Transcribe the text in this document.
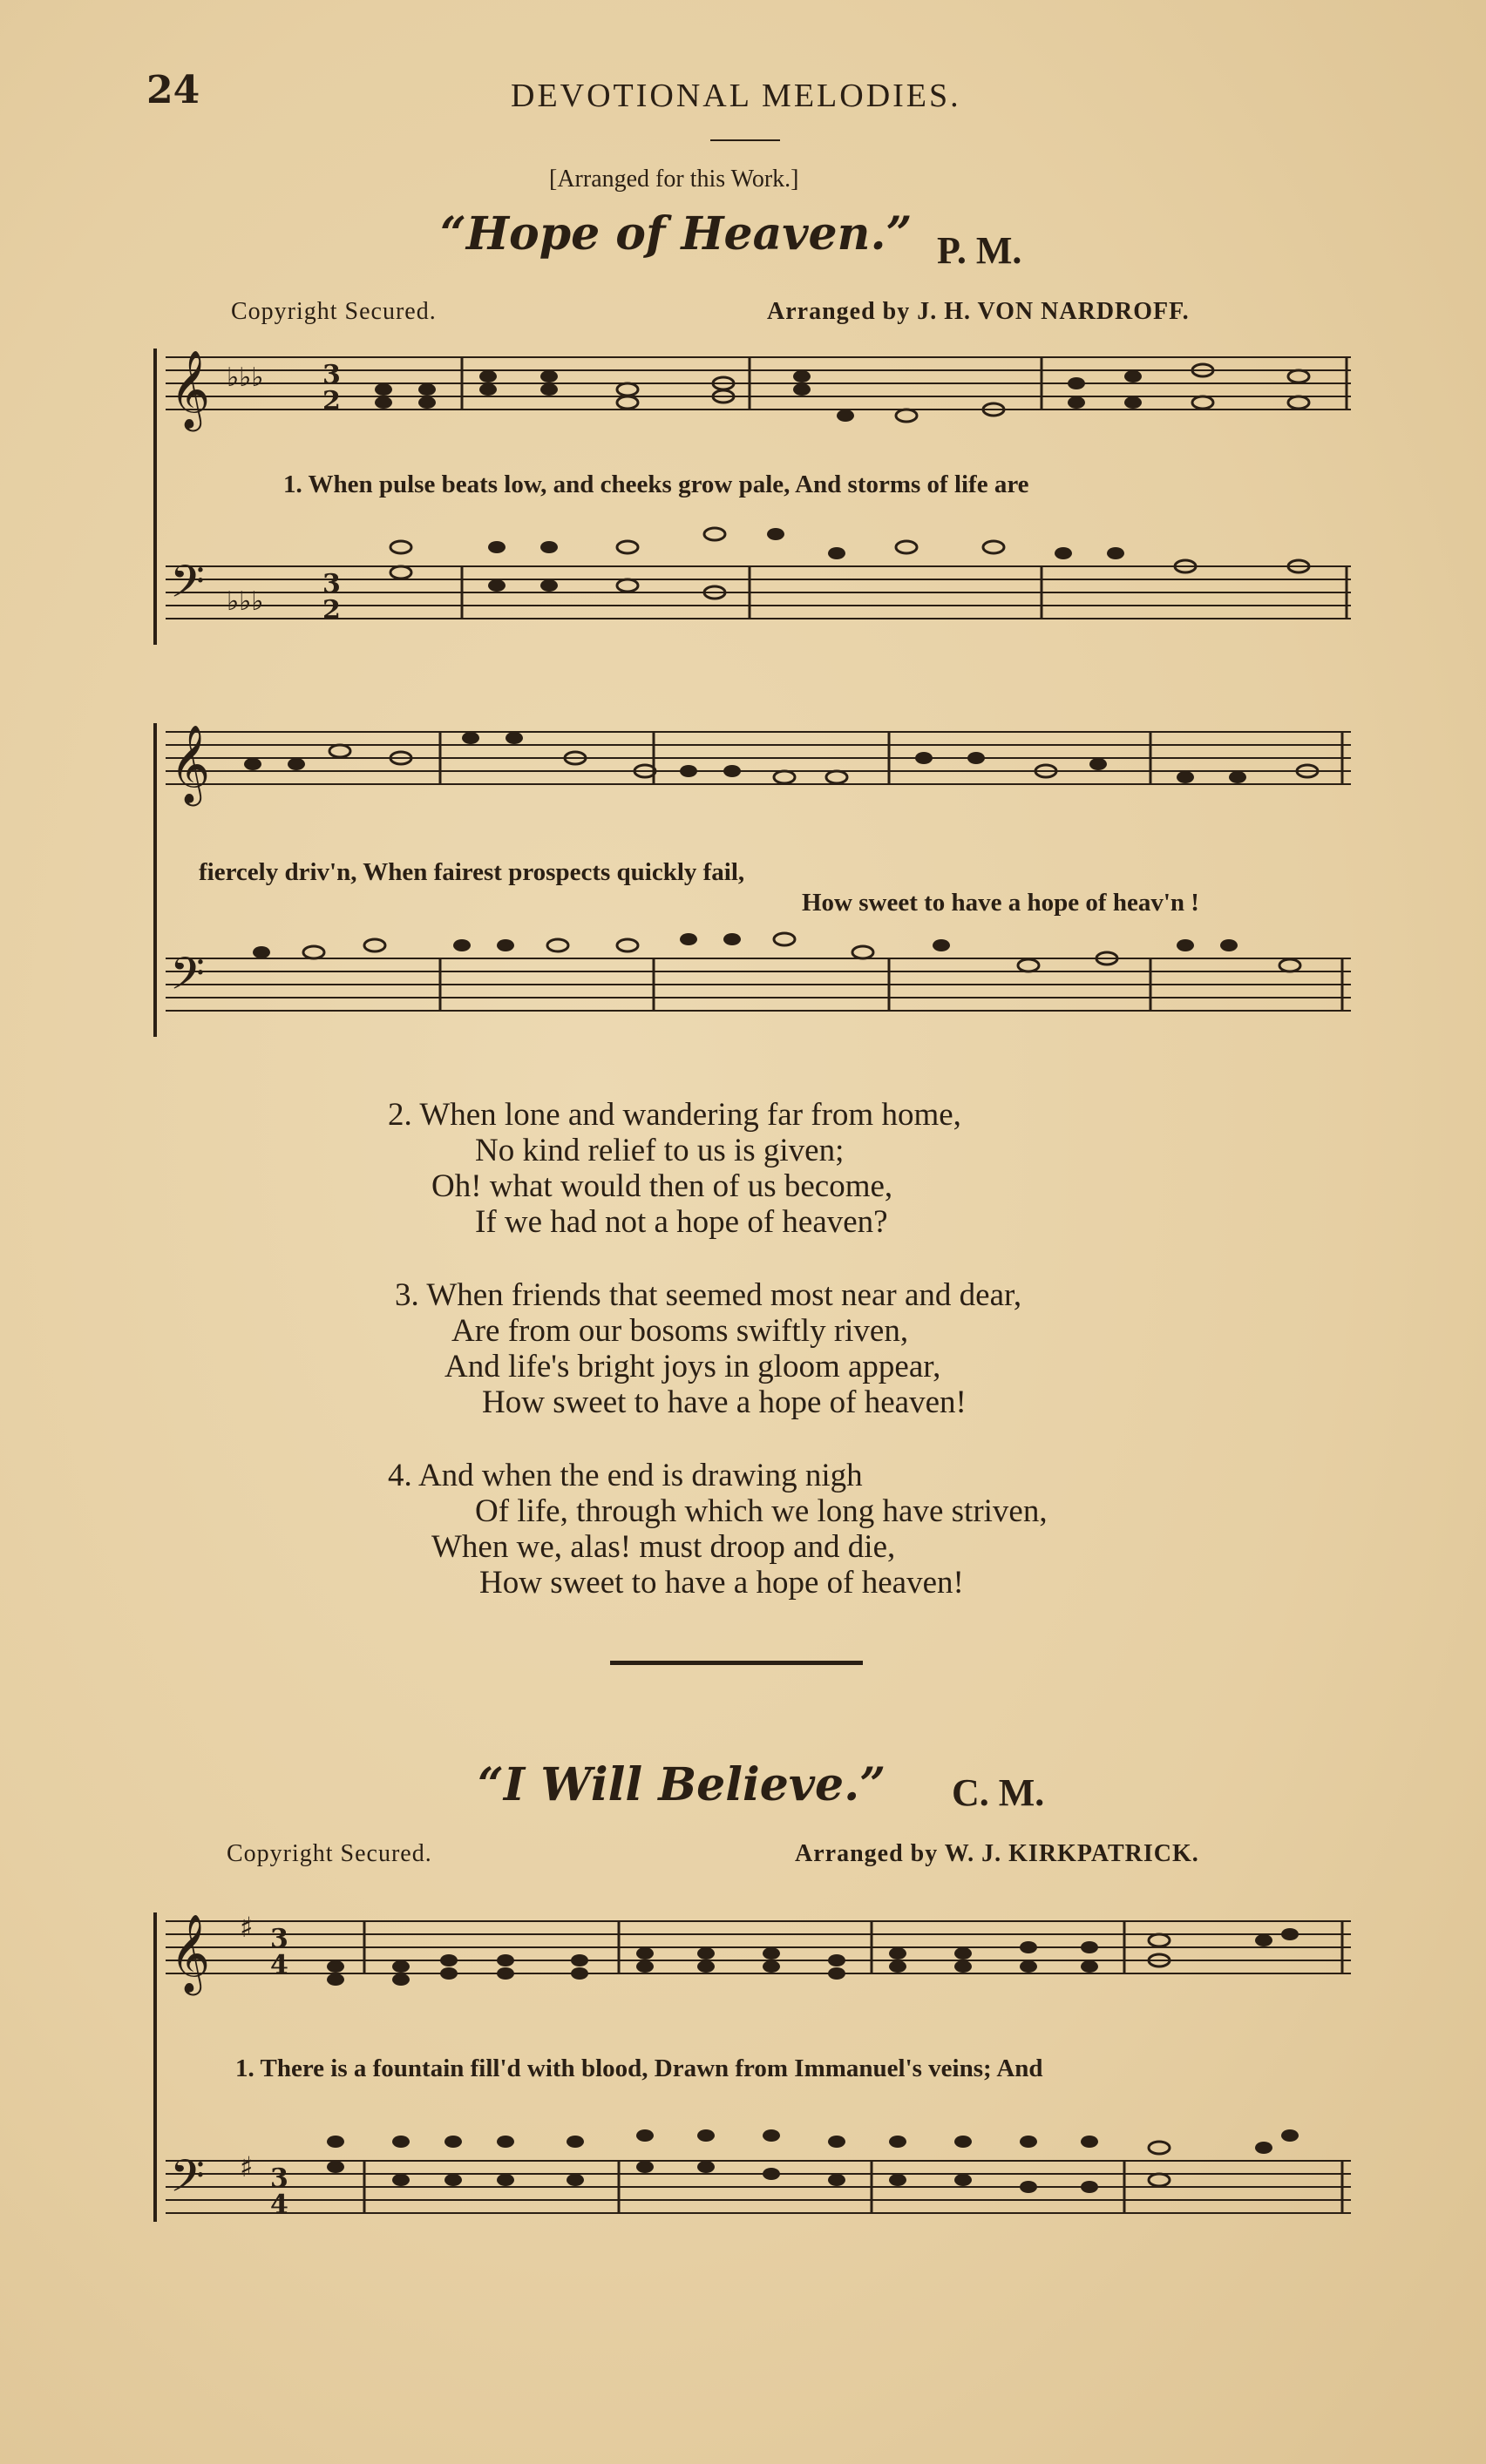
24	DEVOTIONAL MELODIES.
[Arranged for this Work.]
“Hope of Heaven.” P. M.
Copyright Secured.	Arranged by J. H. VON NARDROFF.
𝄞 ♭♭♭ 3
2
𝄢 ♭♭♭
3
2
1. When pulse beats low, and cheeks grow pale, And storms of life are
𝄞
𝄢
fiercely driv'n, When fairest prospects quickly fail,
How sweet to have a hope of heav'n !
2. When lone and wandering far from home,
No kind relief to us is given;
Oh! what would then of us become,
If we had not a hope of heaven?
3. When friends that seemed most near and dear,
Are from our bosoms swiftly riven,
And life's bright joys in gloom appear,
How sweet to have a hope of heaven!
4. And when the end is drawing nigh
Of life, through which we long have striven,
When we, alas! must droop and die,
How sweet to have a hope of heaven!
“I Will Believe.” C. M.
Copyright Secured.	Arranged by W. J. KIRKPATRICK.
𝄞 ♯ 3
4
𝄢 ♯ 3
4
1. There is a fountain fill'd with blood, Drawn from Immanuel's veins; And
